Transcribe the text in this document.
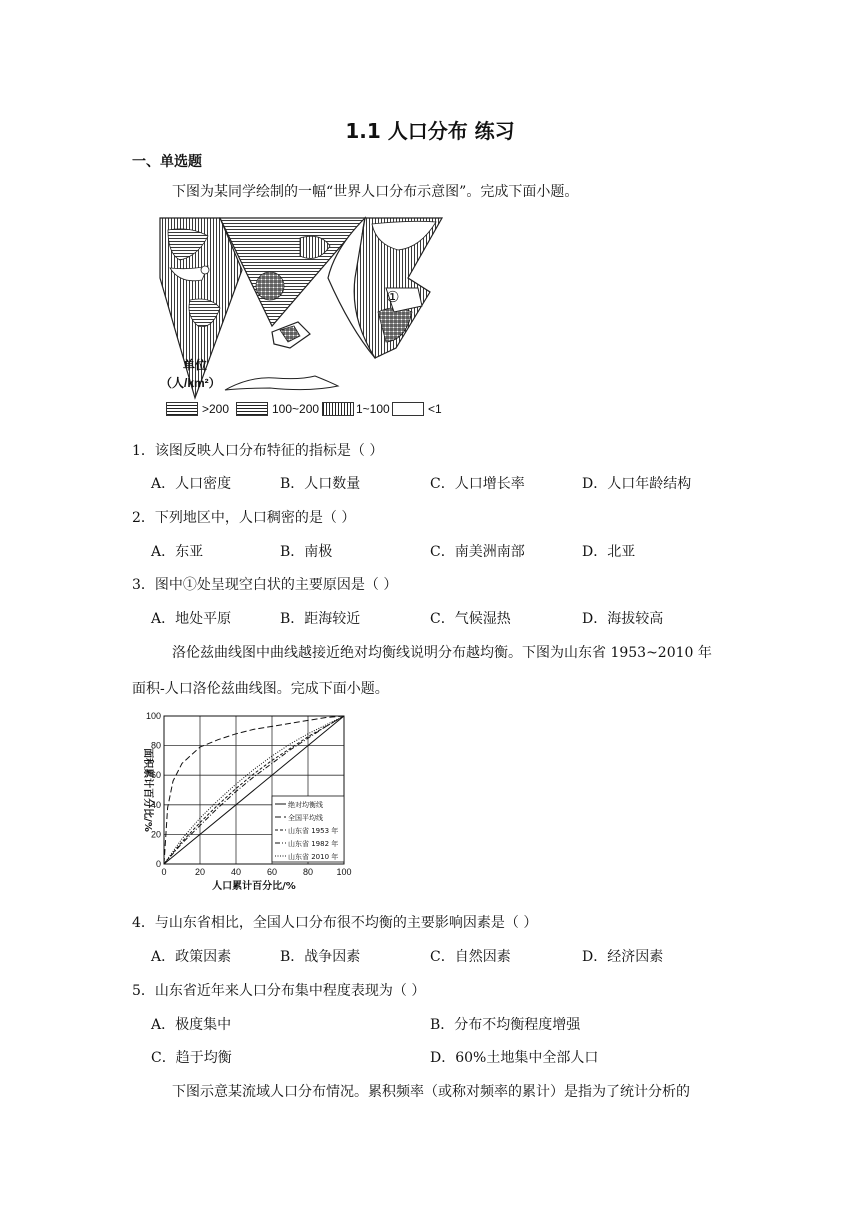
1.1 人口分布 练习
一、单选题
下图为某同学绘制的一幅“世界人口分布示意图”。完成下面小题。
①
单位
（人/km²）
>200	100~200	1~100	<1
1．该图反映人口分布特征的指标是（ ）
A．人口密度	B．人口数量	C．人口增长率	D．人口年龄结构
2．下列地区中，人口稠密的是（ ）
A．东亚	B．南极	C．南美洲南部	D．北亚
3．图中①处呈现空白状的主要原因是（ ）
A．地处平原	B．距海较近	C．气候湿热	D．海拔较高
洛伦兹曲线图中曲线越接近绝对均衡线说明分布越均衡。下图为山东省 1953~2010 年
面积-人口洛伦兹曲线图。完成下面小题。
0	20	40	60	80	100
0
20
40
60
80
100
人口累计百分比/%
面积累计百分比/%	绝对均衡线
全国平均线
山东省 1953 年
山东省 1982 年
山东省 2010 年
4．与山东省相比，全国人口分布很不均衡的主要影响因素是（ ）
A．政策因素	B．战争因素	C．自然因素	D．经济因素
5．山东省近年来人口分布集中程度表现为（ ）
A．极度集中	B．分布不均衡程度增强
C．趋于均衡	D．60%土地集中全部人口
下图示意某流域人口分布情况。累积频率（或称对频率的累计）是指为了统计分析的
